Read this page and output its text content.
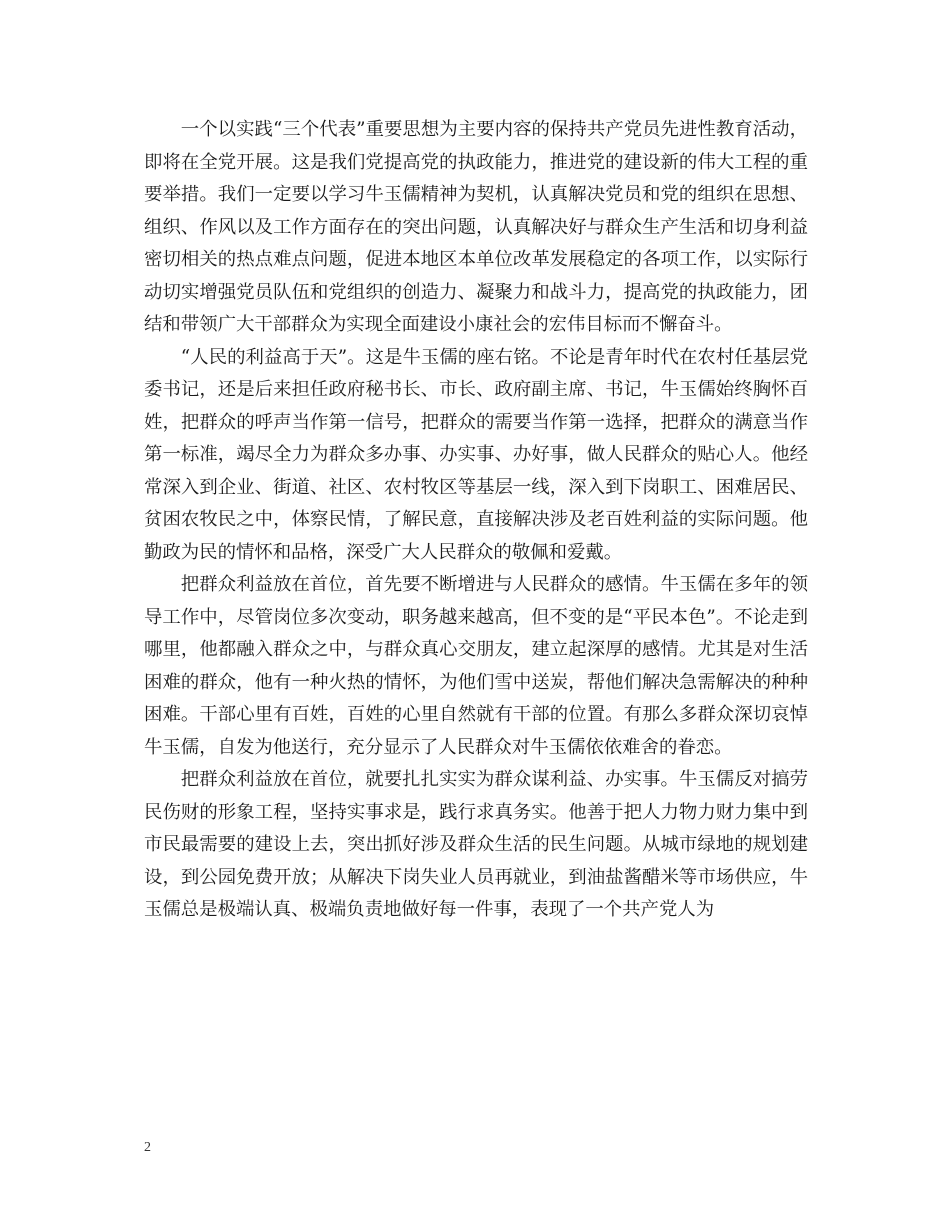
一个以实践“三个代表”重要思想为主要内容的保持共产党员先进性教育活动，即将在全党开展。这是我们党提高党的执政能力，推进党的建设新的伟大工程的重要举措。我们一定要以学习牛玉儒精神为契机，认真解决党员和党的组织在思想、组织、作风以及工作方面存在的突出问题，认真解决好与群众生产生活和切身利益密切相关的热点难点问题，促进本地区本单位改革发展稳定的各项工作，以实际行动切实增强党员队伍和党组织的创造力、凝聚力和战斗力，提高党的执政能力，团结和带领广大干部群众为实现全面建设小康社会的宏伟目标而不懈奋斗。

“人民的利益高于天”。这是牛玉儒的座右铭。不论是青年时代在农村任基层党委书记，还是后来担任政府秘书长、市长、政府副主席、书记，牛玉儒始终胸怀百姓，把群众的呼声当作第一信号，把群众的需要当作第一选择，把群众的满意当作第一标准，竭尽全力为群众多办事、办实事、办好事，做人民群众的贴心人。他经常深入到企业、街道、社区、农村牧区等基层一线，深入到下岗职工、困难居民、贫困农牧民之中，体察民情，了解民意，直接解决涉及老百姓利益的实际问题。他勤政为民的情怀和品格，深受广大人民群众的敬佩和爱戴。

把群众利益放在首位，首先要不断增进与人民群众的感情。牛玉儒在多年的领导工作中，尽管岗位多次变动，职务越来越高，但不变的是“平民本色”。不论走到哪里，他都融入群众之中，与群众真心交朋友，建立起深厚的感情。尤其是对生活困难的群众，他有一种火热的情怀，为他们雪中送炭，帮他们解决急需解决的种种困难。干部心里有百姓，百姓的心里自然就有干部的位置。有那么多群众深切哀悼牛玉儒，自发为他送行，充分显示了人民群众对牛玉儒依依难舍的眷恋。

把群众利益放在首位，就要扎扎实实为群众谋利益、办实事。牛玉儒反对搞劳民伤财的形象工程，坚持实事求是，践行求真务实。他善于把人力物力财力集中到市民最需要的建设上去，突出抓好涉及群众生活的民生问题。从城市绿地的规划建设，到公园免费开放；从解决下岗失业人员再就业，到油盐酱醋米等市场供应，牛玉儒总是极端认真、极端负责地做好每一件事，表现了一个共产党人为

2
